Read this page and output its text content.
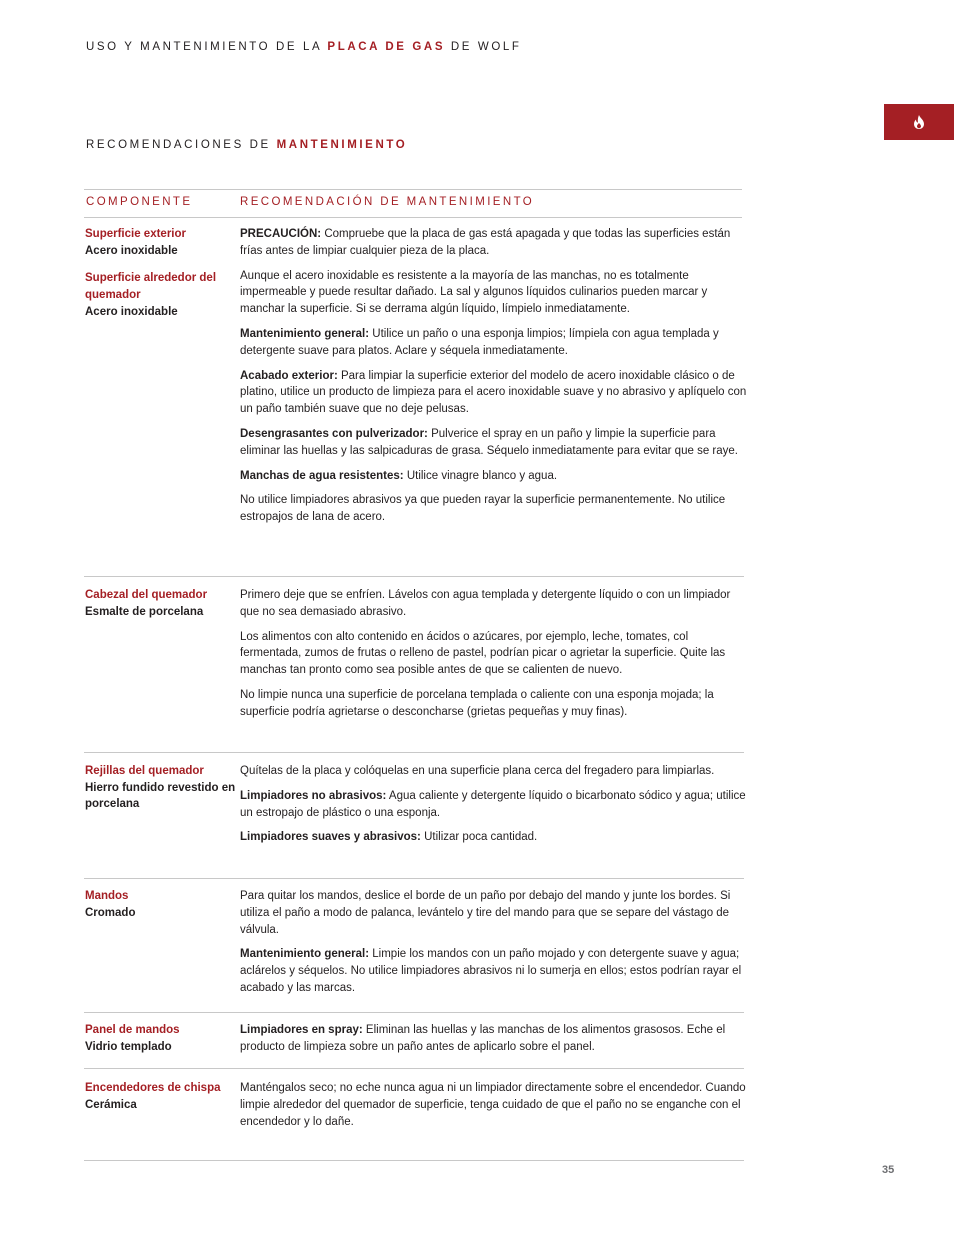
USO Y MANTENIMIENTO DE LA PLACA DE GAS DE WOLF
RECOMENDACIONES DE MANTENIMIENTO
COMPONENTE	RECOMENDACIÓN DE MANTENIMIENTO
Superficie exterior
Acero inoxidable
Superficie alrededor del quemador
Acero inoxidable

PRECAUCIÓN: Compruebe que la placa de gas está apagada y que todas las superficies están frías antes de limpiar cualquier pieza de la placa.

Aunque el acero inoxidable es resistente a la mayoría de las manchas, no es totalmente impermeable y puede resultar dañado. La sal y algunos líquidos culinarios pueden marcar y manchar la superficie. Si se derrama algún líquido, límpielo inmediatamente.

Mantenimiento general: Utilice un paño o una esponja limpios; límpiela con agua templada y detergente suave para platos. Aclare y séquela inmediatamente.

Acabado exterior: Para limpiar la superficie exterior del modelo de acero inoxidable clásico o de platino, utilice un producto de limpieza para el acero inoxidable suave y no abrasivo y aplíquelo con un paño también suave que no deje pelusas.

Desengrasantes con pulverizador: Pulverice el spray en un paño y limpie la superficie para eliminar las huellas y las salpicaduras de grasa. Séquelo inmediatamente para evitar que se raye.

Manchas de agua resistentes: Utilice vinagre blanco y agua.

No utilice limpiadores abrasivos ya que pueden rayar la superficie permanentemente. No utilice estropajos de lana de acero.

Cabezal del quemador
Esmalte de porcelana

Primero deje que se enfríen. Lávelos con agua templada y detergente líquido o con un limpiador que no sea demasiado abrasivo.

Los alimentos con alto contenido en ácidos o azúcares, por ejemplo, leche, tomates, col fermentada, zumos de frutas o relleno de pastel, podrían picar o agrietar la superficie. Quite las manchas tan pronto como sea posible antes de que se calienten de nuevo.

No limpie nunca una superficie de porcelana templada o caliente con una esponja mojada; la superficie podría agrietarse o desconcharse (grietas pequeñas y muy finas).

Rejillas del quemador
Hierro fundido revestido en porcelana

Quítelas de la placa y colóquelas en una superficie plana cerca del fregadero para limpiarlas.

Limpiadores no abrasivos: Agua caliente y detergente líquido o bicarbonato sódico y agua; utilice un estropajo de plástico o una esponja.

Limpiadores suaves y abrasivos: Utilizar poca cantidad.

Mandos
Cromado

Para quitar los mandos, deslice el borde de un paño por debajo del mando y junte los bordes. Si utiliza el paño a modo de palanca, levántelo y tire del mando para que se separe del vástago de válvula.

Mantenimiento general: Limpie los mandos con un paño mojado y con detergente suave y agua; aclárelos y séquelos. No utilice limpiadores abrasivos ni lo sumerja en ellos; estos podrían rayar el acabado y las marcas.

Panel de mandos
Vidrio templado

Limpiadores en spray: Eliminan las huellas y las manchas de los alimentos grasosos. Eche el producto de limpieza sobre un paño antes de aplicarlo sobre el panel.

Encendedores de chispa
Cerámica

Manténgalos seco; no eche nunca agua ni un limpiador directamente sobre el encendedor. Cuando limpie alrededor del quemador de superficie, tenga cuidado de que el paño no se enganche con el encendedor y lo dañe.

35
